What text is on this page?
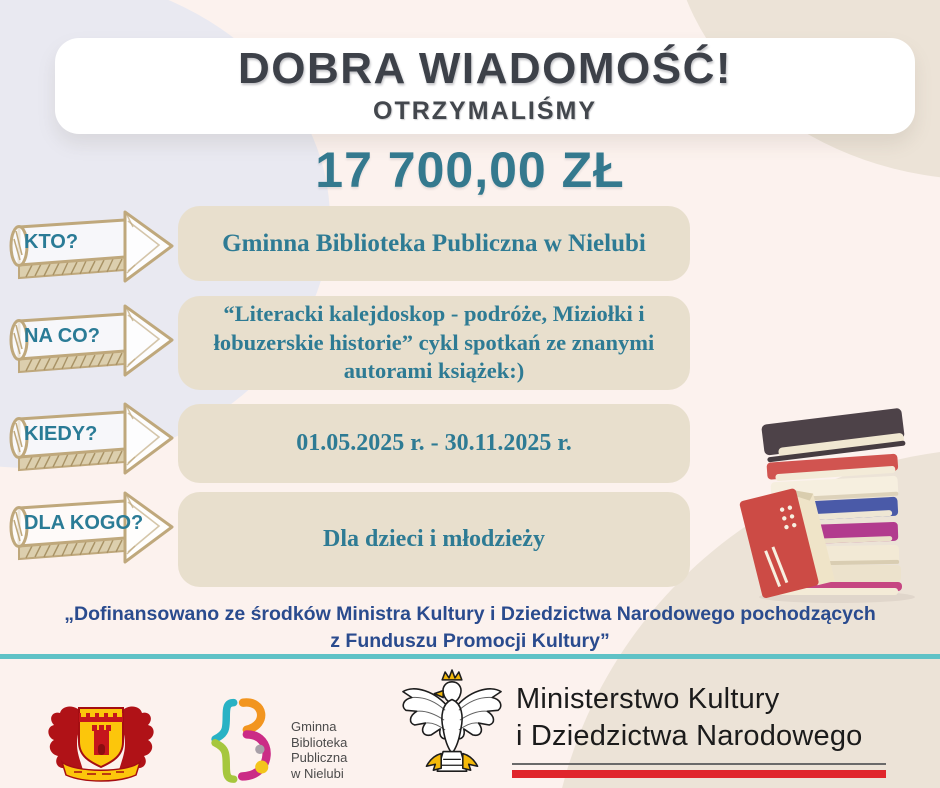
DOBRA WIADOMOŚĆ!
OTRZYMALIŚMY
17 700,00 ZŁ
KTO?	Gminna Biblioteka Publiczna w Nielubi
NA CO?
“Literacki kalejdoskop - podróże, Miziołki i łobuzerskie historie” cykl spotkań ze znanymi autorami książek:)
KIEDY?	01.05.2025 r. - 30.11.2025 r.
DLA KOGO?
Dla dzieci i młodzieży
„Dofinansowano ze środków Ministra Kultury i Dziedzictwa Narodowego pochodzących
z Funduszu Promocji Kultury”
Gminna
Biblioteka
Publiczna
w Nielubi
Ministerstwo Kultury
i Dziedzictwa Narodowego
